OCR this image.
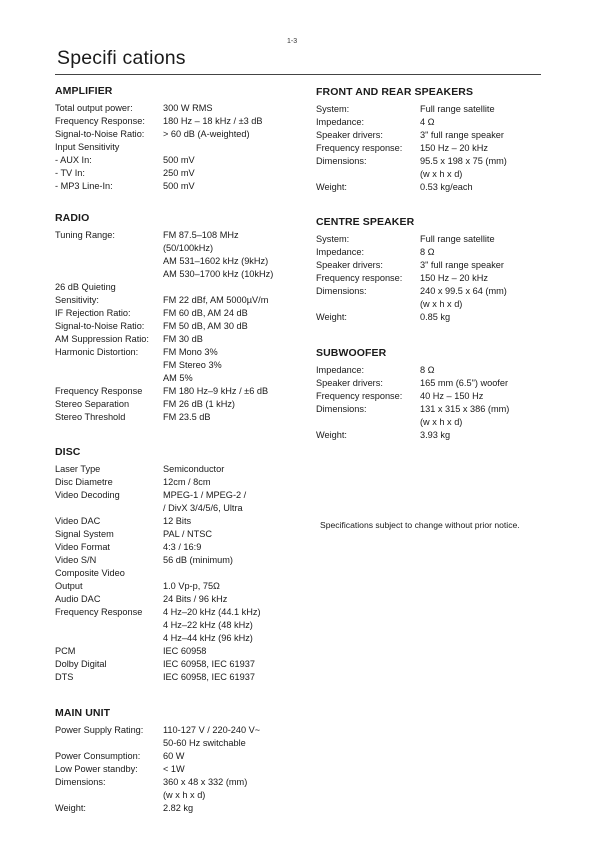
1-3
Specifi cations
AMPLIFIER
Total output power:	300 W RMS
Frequency Response:	180 Hz – 18 kHz / ±3 dB
Signal-to-Noise Ratio:	> 60 dB (A-weighted)
Input Sensitivity
- AUX In:	500 mV
- TV In:	250 mV
- MP3 Line-In:	500 mV
RADIO
Tuning Range:	FM 87.5–108 MHz
(50/100kHz)
AM 531–1602 kHz (9kHz)
AM 530–1700 kHz (10kHz)
26 dB Quieting
Sensitivity:	FM 22 dBf, AM 5000µV/m
IF Rejection Ratio:	FM 60 dB, AM 24 dB
Signal-to-Noise Ratio:	FM 50 dB, AM 30 dB
AM Suppression Ratio:	FM 30 dB
Harmonic Distortion:	FM Mono 3%
FM Stereo 3%
AM 5%
Frequency Response	FM 180 Hz–9 kHz / ±6 dB
Stereo Separation	FM 26 dB (1 kHz)
Stereo Threshold	FM 23.5 dB
DISC
Laser Type	Semiconductor
Disc Diametre	12cm / 8cm
Video Decoding	MPEG-1 / MPEG-2 /
/ DivX 3/4/5/6, Ultra
Video DAC	12 Bits
Signal System	PAL / NTSC
Video Format	4:3 / 16:9
Video S/N	56 dB (minimum)
Composite Video
Output	1.0 Vp-p, 75Ω
Audio DAC	24 Bits / 96 kHz
Frequency Response	4 Hz–20 kHz (44.1 kHz)
4 Hz–22 kHz (48 kHz)
4 Hz–44 kHz (96 kHz)
PCM	IEC 60958
Dolby Digital	IEC 60958, IEC 61937
DTS	IEC 60958, IEC 61937
MAIN UNIT
Power Supply Rating:	110-127 V / 220-240 V~
50-60 Hz switchable
Power Consumption:	60 W
Low Power standby:	< 1W
Dimensions:	360 x 48 x 332 (mm)
(w x h x d)
Weight:	2.82 kg
FRONT AND REAR SPEAKERS
System:	Full range satellite
Impedance:	4 Ω
Speaker drivers:	3" full range speaker
Frequency response:	150 Hz – 20 kHz
Dimensions:	95.5 x 198 x 75 (mm)
(w x h x d)
Weight:	0.53 kg/each
CENTRE SPEAKER
System:	Full range satellite
Impedance:	8 Ω
Speaker drivers:	3" full range speaker
Frequency response:	150 Hz – 20 kHz
Dimensions:	240 x 99.5 x 64 (mm)
(w x h x d)
Weight:	0.85 kg
SUBWOOFER
Impedance:	8 Ω
Speaker drivers:	165 mm (6.5") woofer
Frequency response:	40 Hz – 150 Hz
Dimensions:	131 x 315 x 386 (mm)
(w x h x d)
Weight:	3.93 kg
Specifications subject to change without prior notice.
